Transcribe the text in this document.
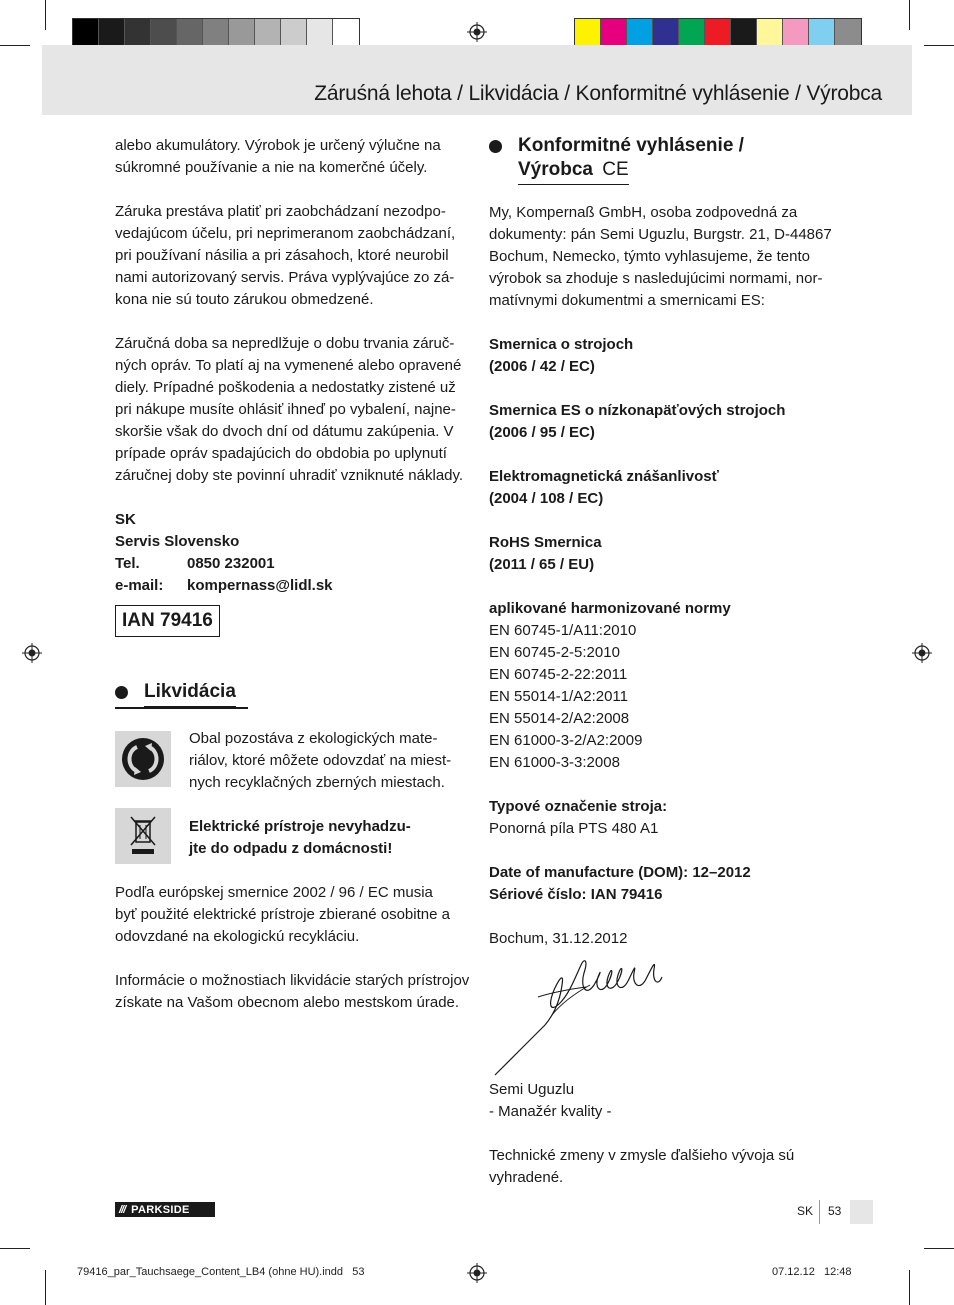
Záruśná lehota / Likvidácia / Konformitné vyhlásenie / Výrobca

alebo akumulátory. Výrobok je určený výlučne na

súkromné používanie a nie na komerčné účely.

Záruka prestáva platiť pri zaobchádzaní nezodpo-

vedajúcom účelu, pri neprimeranom zaobchádzaní,

pri používaní násilia a pri zásahoch, ktoré neurobil

nami autorizovaný servis. Práva vyplývajúce zo zá-

kona nie sú touto zárukou obmedzené.

Záručná doba sa nepredlžuje o dobu trvania záruč-

ných opráv. To platí aj na vymenené alebo opravené

diely. Prípadné poškodenia a nedostatky zistené už

pri nákupe musíte ohlásiť ihneď po vybalení, najne-

skoršie však do dvoch dní od dátumu zakúpenia. V

prípade opráv spadajúcich do obdobia po uplynutí

záručnej doby ste povinní uhradiť vzniknuté náklady.

SK

Servis Slovensko

Tel.	0850 232001
e-mail:	kompernass@lidl.sk
IAN 79416
Likvidácia

Obal pozostáva z ekologických mate-

riálov, ktoré môžete odovzdať na miest-

nych recyklačných zberných miestach.

Elektrické prístroje nevyhadzu-

jte do odpadu z domácnosti!

Podľa európskej smernice 2002 / 96 / EC musia

byť použité elektrické prístroje zbierané osobitne a

odovzdané na ekologickú recykláciu.

Informácie o možnostiach likvidácie starých prístrojov

získate na Vašom obecnom alebo mestskom úrade.

Konformitné vyhlásenie /
Výrobca CE

My, Kompernaß GmbH, osoba zodpovedná za

dokumenty: pán Semi Uguzlu, Burgstr. 21, D-44867

Bochum, Nemecko, týmto vyhlasujeme, že tento

výrobok sa zhoduje s nasledujúcimi normami, nor-

matívnymi dokumentmi a smernicami ES:

Smernica o strojoch

(2006 / 42 / EC)

Smernica ES o nízkonapäťových strojoch

(2006 / 95 / EC)

Elektromagnetická znášanlivosť

(2004 / 108 / EC)

RoHS Smernica

(2011 / 65 / EU)

aplikované harmonizované normy

EN 60745-1/A11:2010

EN 60745-2-5:2010

EN 60745-2-22:2011

EN 55014-1/A2:2011

EN 55014-2/A2:2008

EN 61000-3-2/A2:2009

EN 61000-3-3:2008

Typové označenie stroja:

Ponorná píla PTS 480 A1

Date of manufacture (DOM): 12–2012

Sériové číslo: IAN 79416

Bochum, 31.12.2012

Semi Uguzlu

- Manažér kvality -

Technické zmeny v zmysle ďalšieho vývoja sú

vyhradené.

/// PARKSIDE	SK 53
79416_par_Tauchsaege_Content_LB4 (ohne HU).indd   53	07.12.12   12:48
